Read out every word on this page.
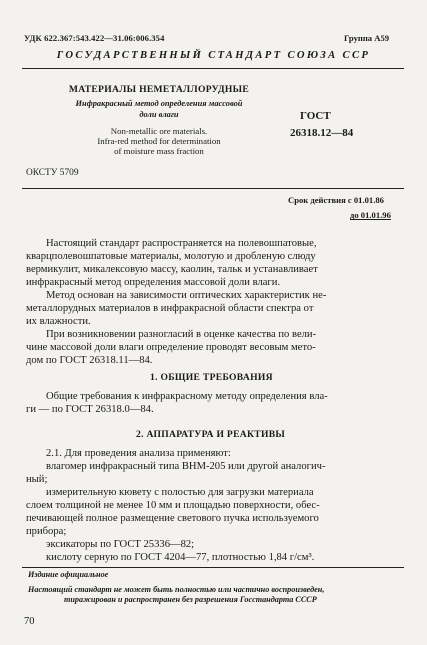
УДК 622.367:543.422—31.06:006.354	Группа А59
ГОСУДАРСТВЕННЫЙ СТАНДАРТ СОЮЗА ССР
МАТЕРИАЛЫ НЕМЕТАЛЛОРУДНЫЕ
Инфракрасный метод определения массовой
доли влаги
Non-metallic ore materials.
Infra-red method for determination
of moisture mass fraction
ГОСТ
26318.12—84
ОКСТУ 5709
Срок действия с 01.01.86
до 01.01.96
Настоящий стандарт распространяется на полевошпатовые,
кварцполевошпатовые материалы, молотую и дробленую слюду
вермикулит, микалексовую массу, каолин, тальк и устанавливает
инфракрасный метод определения массовой доли влаги.
Метод основан на зависимости оптических характеристик не-
металлорудных материалов в инфракрасной области спектра от
их влажности.
При возникновении разногласий в оценке качества по вели-
чине массовой доли влаги определение проводят весовым мето-
дом по ГОСТ 26318.11—84.
1. ОБЩИЕ ТРЕБОВАНИЯ
Общие требования к инфракрасному методу определения вла-
ги — по ГОСТ 26318.0—84.
2. АППАРАТУРА И РЕАКТИВЫ
2.1. Для проведения анализа применяют:
влагомер инфракрасный типа ВНМ-205 или другой аналогич-
ный;
измерительную кювету с полостью для загрузки материала
слоем толщиной не менее 10 мм и площадью поверхности, обес-
печивающей полное размещение светового пучка используемого
прибора;
эксикаторы по ГОСТ 25336—82;
кислоту серную по ГОСТ 4204—77, плотностью 1,84 г/см³.
Издание официальное
Настоящий стандарт не может быть полностью или частично воспроизведен,
тиражирован и распространен без разрешения Госстандарта СССР
70
